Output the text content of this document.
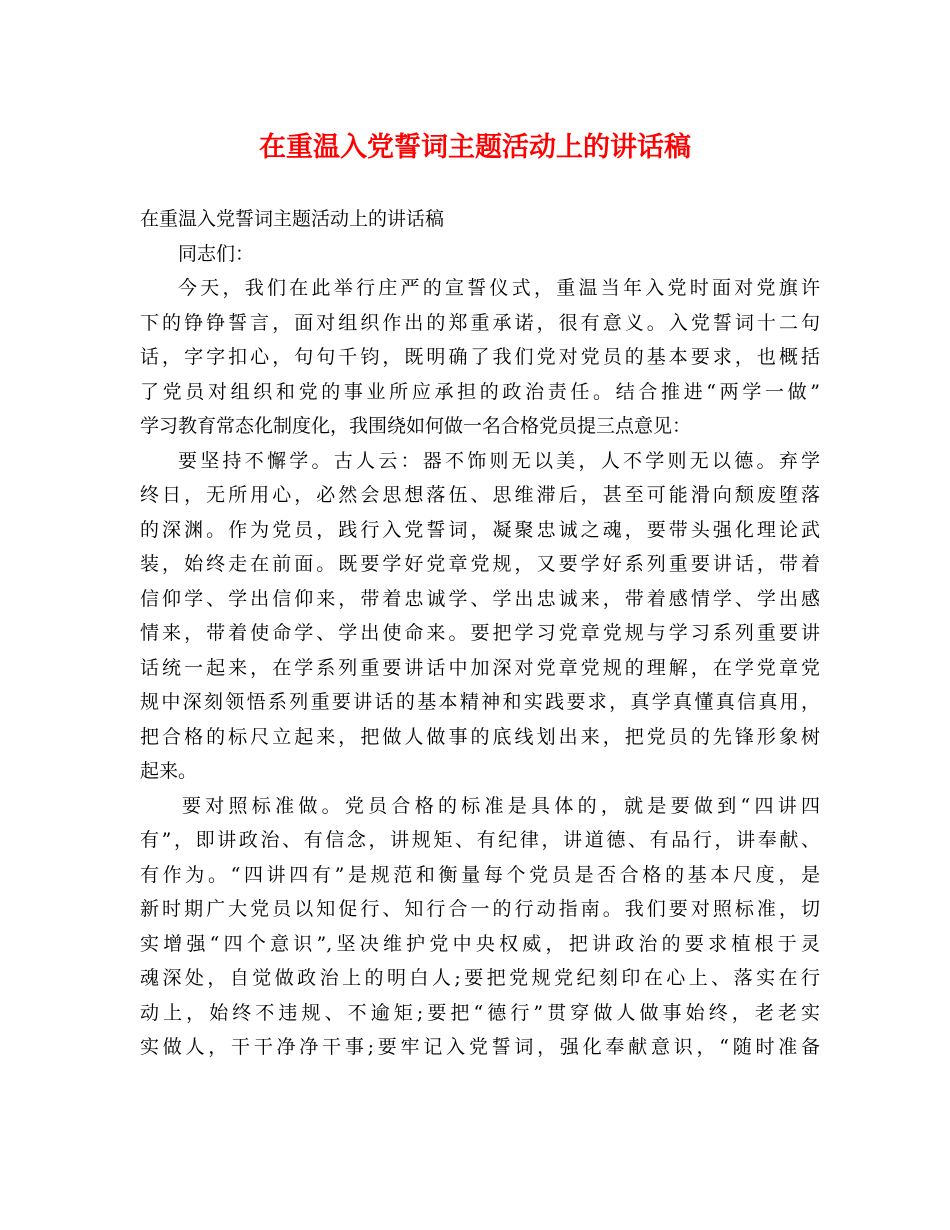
在重温入党誓词主题活动上的讲话稿
在重温入党誓词主题活动上的讲话稿
同志们：
今天，我们在此举行庄严的宣誓仪式，重温当年入党时面对党旗许
下的铮铮誓言，面对组织作出的郑重承诺，很有意义。入党誓词十二句
话，字字扣心，句句千钧，既明确了我们党对党员的基本要求，也概括
了党员对组织和党的事业所应承担的政治责任。结合推进“两学一做”
学习教育常态化制度化，我围绕如何做一名合格党员提三点意见：
要坚持不懈学。古人云：器不饰则无以美，人不学则无以德。弃学
终日，无所用心，必然会思想落伍、思维滞后，甚至可能滑向颓废堕落
的深渊。作为党员，践行入党誓词，凝聚忠诚之魂，要带头强化理论武
装，始终走在前面。既要学好党章党规，又要学好系列重要讲话，带着
信仰学、学出信仰来，带着忠诚学、学出忠诚来，带着感情学、学出感
情来，带着使命学、学出使命来。要把学习党章党规与学习系列重要讲
话统一起来，在学系列重要讲话中加深对党章党规的理解，在学党章党
规中深刻领悟系列重要讲话的基本精神和实践要求，真学真懂真信真用，
把合格的标尺立起来，把做人做事的底线划出来，把党员的先锋形象树
起来。
要对照标准做。党员合格的标准是具体的，就是要做到“四讲四
有”，即讲政治、有信念，讲规矩、有纪律，讲道德、有品行，讲奉献、
有作为。“四讲四有”是规范和衡量每个党员是否合格的基本尺度，是
新时期广大党员以知促行、知行合一的行动指南。我们要对照标准，切
实增强“四个意识”,坚决维护党中央权威，把讲政治的要求植根于灵
魂深处，自觉做政治上的明白人;要把党规党纪刻印在心上、落实在行
动上，始终不违规、不逾矩;要把“德行”贯穿做人做事始终，老老实
实做人，干干净净干事;要牢记入党誓词，强化奉献意识，“随时准备
